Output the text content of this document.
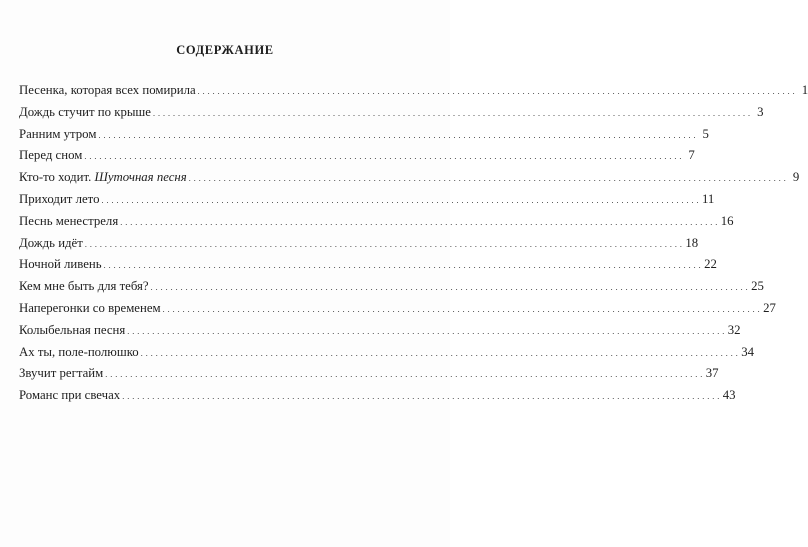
СОДЕРЖАНИЕ
Песенка, которая всех помирила . . . . . . . . . . . . . . . . . . . . . . . . . . . . . . . . . . . . . . . . . . . . . . . . . . . . . . . . . . . . . . . . . . . . . . . . . . . . . . . . . . . . . . . . . . . . . . . . . . . . . . . . . . . . . . . . . . . . . . . . 1
Дождь стучит по крыше . . . . . . . . . . . . . . . . . . . . . . . . . . . . . . . . . . . . . . . . . . . . . . . . . . . . . . . . . . . . . . . . . . . . . . . . . . . . . . . . . . . . . . . . . . . . . . . . . . . . . . . . . . . . . . . . . . . . . . . . 3
Ранним утром . . . . . . . . . . . . . . . . . . . . . . . . . . . . . . . . . . . . . . . . . . . . . . . . . . . . . . . . . . . . . . . . . . . . . . . . . . . . . . . . . . . . . . . . . . . . . . . . . . . . . . . . . . . . . . . . . . . . . . . . 5
Перед сном . . . . . . . . . . . . . . . . . . . . . . . . . . . . . . . . . . . . . . . . . . . . . . . . . . . . . . . . . . . . . . . . . . . . . . . . . . . . . . . . . . . . . . . . . . . . . . . . . . . . . . . . . . . . . . . . . . . . . . . . 7
Кто-то ходит. Шуточная песня . . . . . . . . . . . . . . . . . . . . . . . . . . . . . . . . . . . . . . . . . . . . . . . . . . . . . . . . . . . . . . . . . . . . . . . . . . . . . . . . . . . . . . . . . . . . . . . . . . . . . . . . . . . . . . . . . . . . . . . . 9
Приходит лето . . . . . . . . . . . . . . . . . . . . . . . . . . . . . . . . . . . . . . . . . . . . . . . . . . . . . . . . . . . . . . . . . . . . . . . . . . . . . . . . . . . . . . . . . . . . . . . . . . . . . . . . . . . . . . . . . . . . . . . . 11
Песнь менестреля . . . . . . . . . . . . . . . . . . . . . . . . . . . . . . . . . . . . . . . . . . . . . . . . . . . . . . . . . . . . . . . . . . . . . . . . . . . . . . . . . . . . . . . . . . . . . . . . . . . . . . . . . . . . . . . . . . . . . . . . 16
Дождь идёт . . . . . . . . . . . . . . . . . . . . . . . . . . . . . . . . . . . . . . . . . . . . . . . . . . . . . . . . . . . . . . . . . . . . . . . . . . . . . . . . . . . . . . . . . . . . . . . . . . . . . . . . . . . . . . . . . . . . . . . . 18
Ночной ливень . . . . . . . . . . . . . . . . . . . . . . . . . . . . . . . . . . . . . . . . . . . . . . . . . . . . . . . . . . . . . . . . . . . . . . . . . . . . . . . . . . . . . . . . . . . . . . . . . . . . . . . . . . . . . . . . . . . . . . . . 22
Кем мне быть для тебя? . . . . . . . . . . . . . . . . . . . . . . . . . . . . . . . . . . . . . . . . . . . . . . . . . . . . . . . . . . . . . . . . . . . . . . . . . . . . . . . . . . . . . . . . . . . . . . . . . . . . . . . . . . . . . . . . . . . . . . . . 25
Наперегонки со временем . . . . . . . . . . . . . . . . . . . . . . . . . . . . . . . . . . . . . . . . . . . . . . . . . . . . . . . . . . . . . . . . . . . . . . . . . . . . . . . . . . . . . . . . . . . . . . . . . . . . . . . . . . . . . . . . . . . . . . . . 27
Колыбельная песня . . . . . . . . . . . . . . . . . . . . . . . . . . . . . . . . . . . . . . . . . . . . . . . . . . . . . . . . . . . . . . . . . . . . . . . . . . . . . . . . . . . . . . . . . . . . . . . . . . . . . . . . . . . . . . . . . . . . . . . . 32
Ах ты, поле-полюшко . . . . . . . . . . . . . . . . . . . . . . . . . . . . . . . . . . . . . . . . . . . . . . . . . . . . . . . . . . . . . . . . . . . . . . . . . . . . . . . . . . . . . . . . . . . . . . . . . . . . . . . . . . . . . . . . . . . . . . . . 34
Звучит регтайм . . . . . . . . . . . . . . . . . . . . . . . . . . . . . . . . . . . . . . . . . . . . . . . . . . . . . . . . . . . . . . . . . . . . . . . . . . . . . . . . . . . . . . . . . . . . . . . . . . . . . . . . . . . . . . . . . . . . . . . . 37
Романс при свечах . . . . . . . . . . . . . . . . . . . . . . . . . . . . . . . . . . . . . . . . . . . . . . . . . . . . . . . . . . . . . . . . . . . . . . . . . . . . . . . . . . . . . . . . . . . . . . . . . . . . . . . . . . . . . . . . . . . . . . . . 43
